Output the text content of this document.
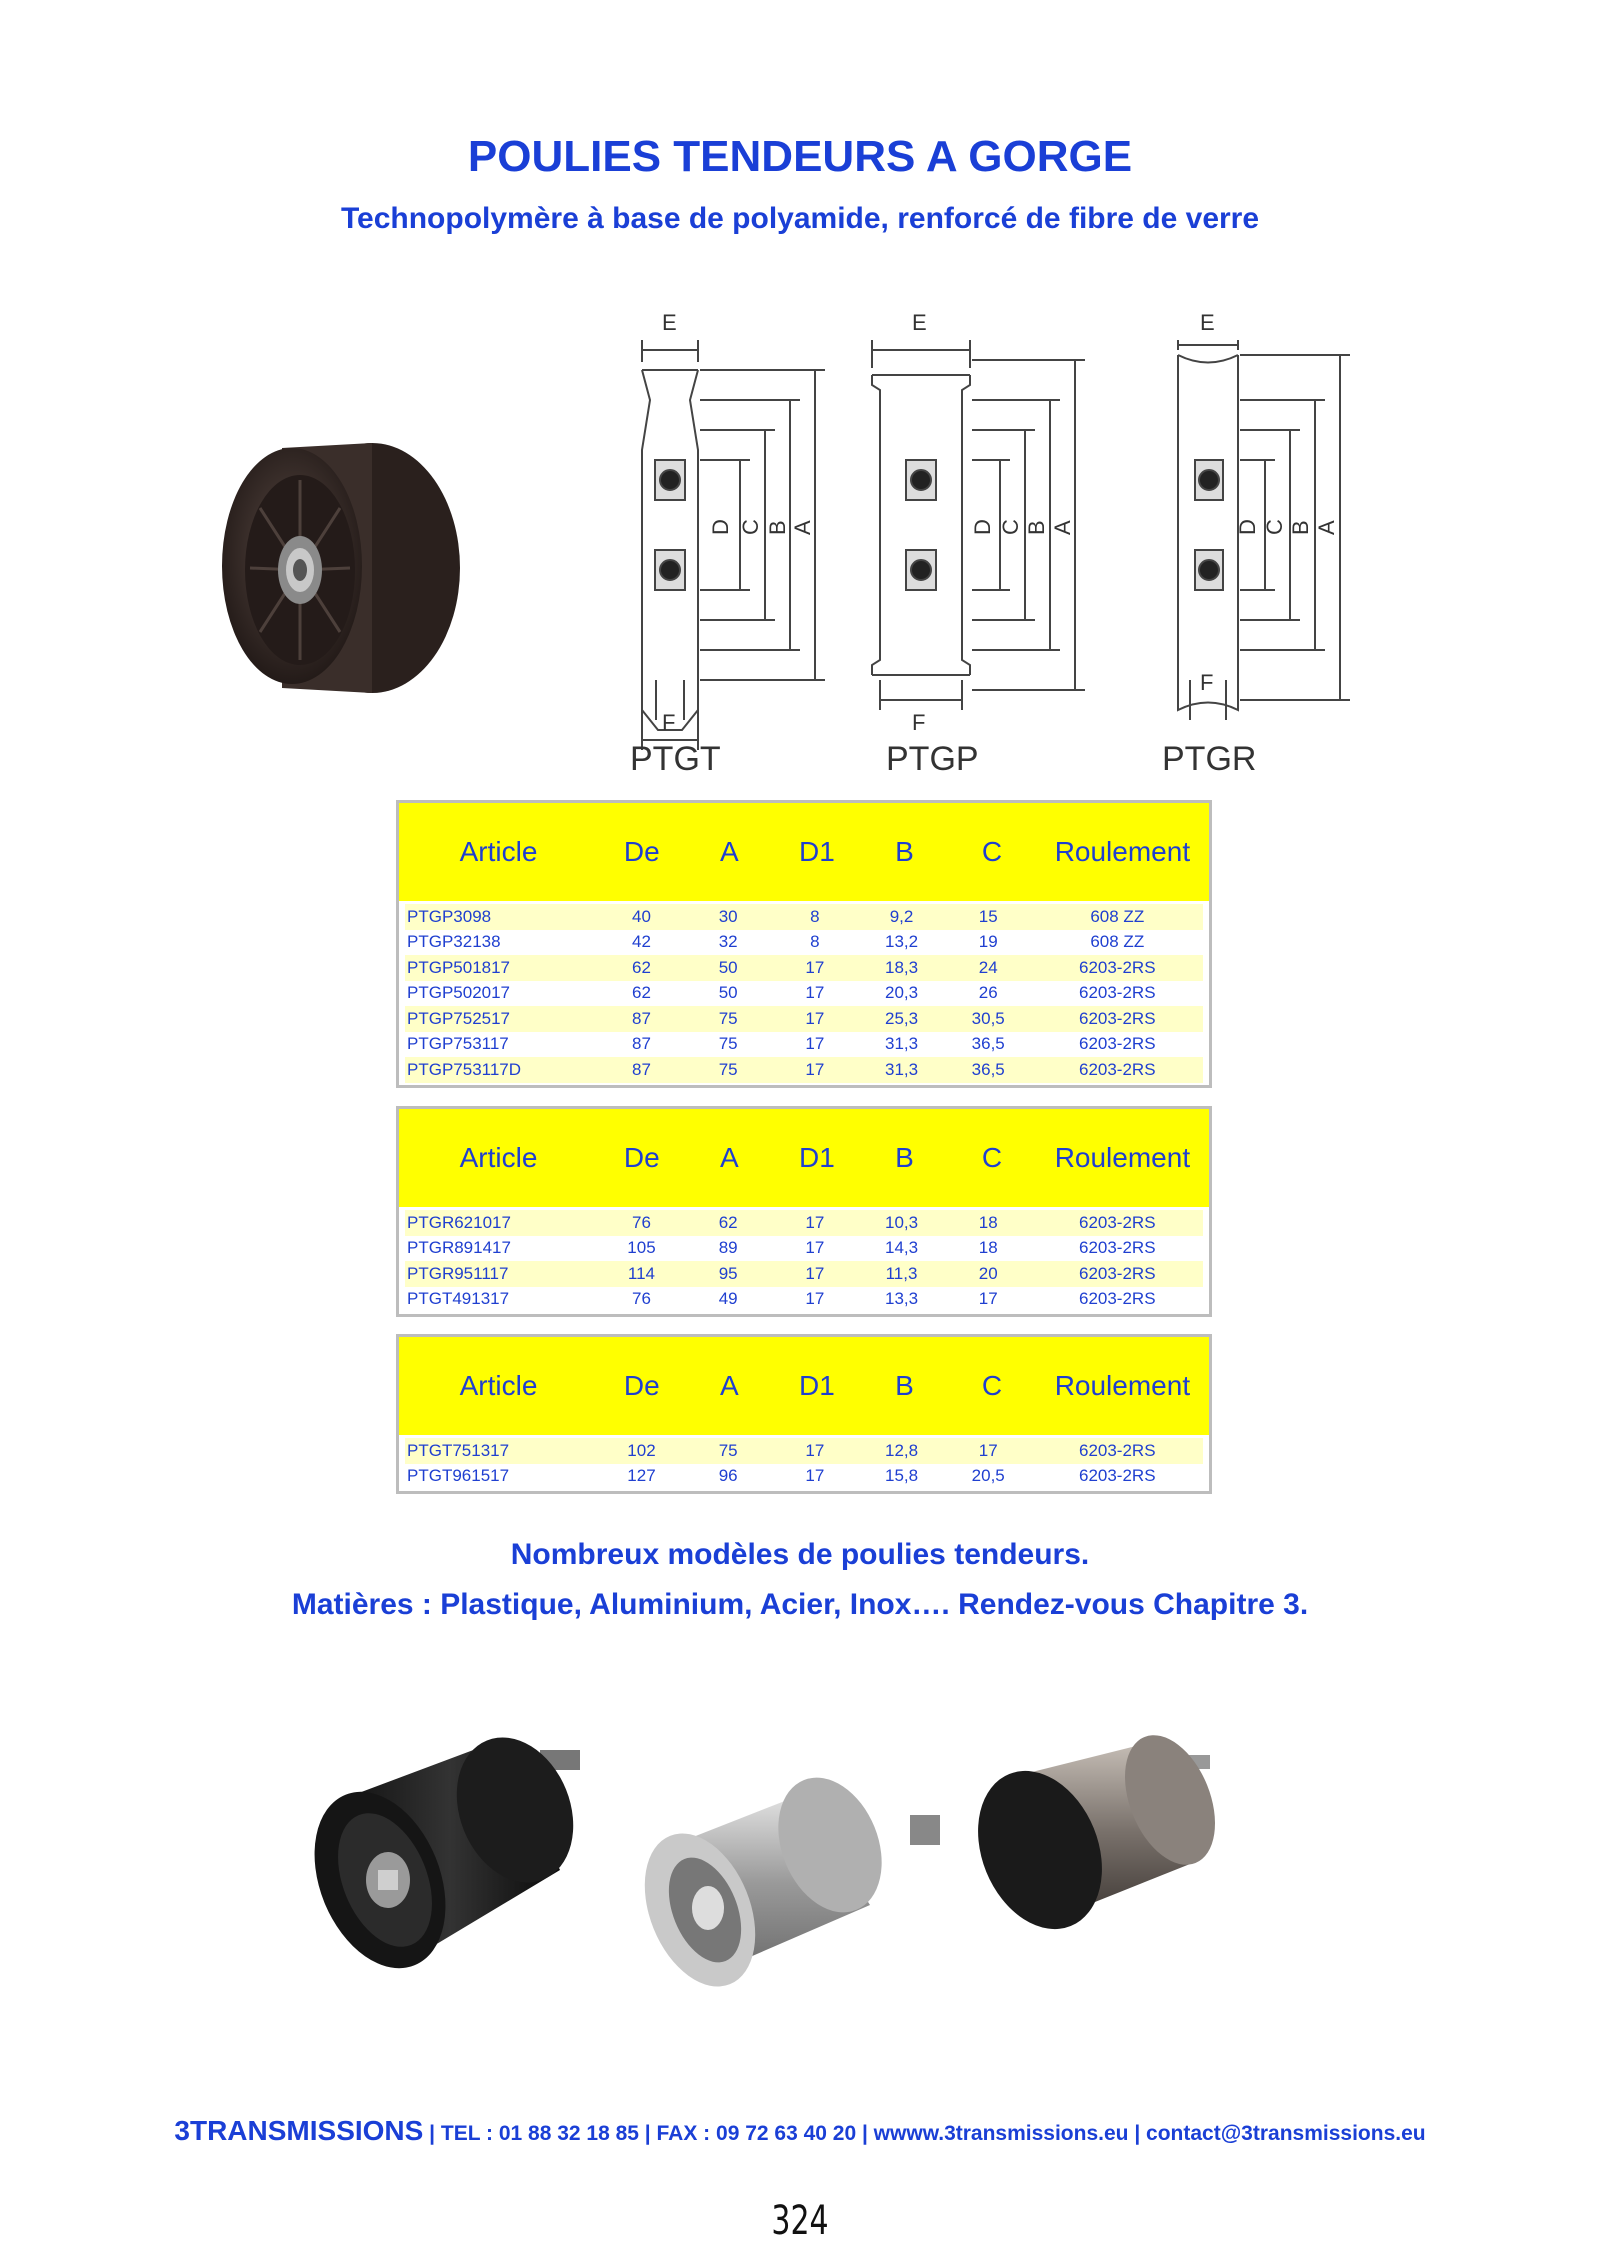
POULIES TENDEURS A GORGE
Technopolymère à base de polyamide, renforcé de fibre de verre
E
F
E
F
E
F
D C B A	D C B A	D C B A
PTGT	PTGP	PTGR
Article	De	A	D1	B	C	Roulement
PTGP3098	40	30	8	9,2	15	608 ZZ
PTGP32138	42	32	8	13,2	19	608 ZZ
PTGP501817	62	50	17	18,3	24	6203-2RS
PTGP502017	62	50	17	20,3	26	6203-2RS
PTGP752517	87	75	17	25,3	30,5	6203-2RS
PTGP753117	87	75	17	31,3	36,5	6203-2RS
PTGP753117D	87	75	17	31,3	36,5	6203-2RS
Article	De	A	D1	B	C	Roulement
PTGR621017	76	62	17	10,3	18	6203-2RS
PTGR891417	105	89	17	14,3	18	6203-2RS
PTGR951117	114	95	17	11,3	20	6203-2RS
PTGT491317	76	49	17	13,3	17	6203-2RS
Article	De	A	D1	B	C	Roulement
PTGT751317	102	75	17	12,8	17	6203-2RS
PTGT961517	127	96	17	15,8	20,5	6203-2RS
Nombreux modèles de poulies tendeurs.
Matières : Plastique, Aluminium, Acier, Inox…. Rendez-vous Chapitre 3.
3TRANSMISSIONS | TEL : 01 88 32 18 85 | FAX : 09 72 63 40 20 | wwww.3transmissions.eu | contact@3transmissions.eu
324
